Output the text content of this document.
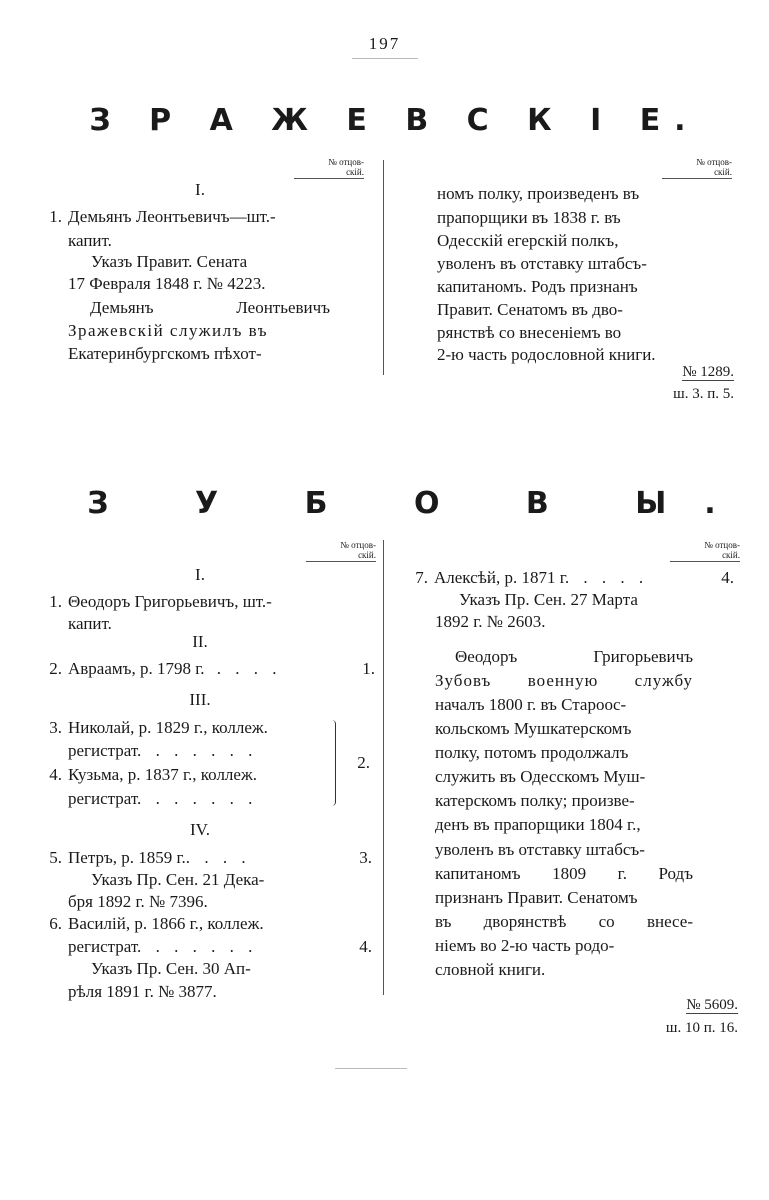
197
З Р А Ж Е В С К І Е.
№ отцов-
скій.
№ отцов-
скій.
I.
1. Демьянъ Леонтьевичъ—шт.-
капит.
Указъ Правит. Сената
17 Февраля 1848 г. № 4223.
Демьянъ Леонтьевичъ
Зражевскій служилъ въ
Екатеринбургскомъ пѣхот-
номъ полку, произведенъ въ
прапорщики въ 1838 г. въ
Одесскій егерскій полкъ,
уволенъ въ отставку штабсъ-
капитаномъ. Родъ признанъ
Правит. Сенатомъ въ дво-
рянствѣ со внесеніемъ во
2-ю часть родословной книги.
№ 1289.
ш. 3. п. 5.
З У Б О В Ы.
№ отцов-
скій.
№ отцов-
скій.
I.
1. Θеодоръ Григорьевичъ, шт.-
капит.
II.
2. Авраамъ, р. 1798 г. . . . .	1.
III.
3. Николай, р. 1829 г., коллеж.
регистрат. . . . . . .
4. Кузьма, р. 1837 г., коллеж.
регистрат. . . . . . .
2.
IV.
5. Петръ, р. 1859 г.. . . .	3.
Указъ Пр. Сен. 21 Дека-
бря 1892 г. № 7396.
6. Василій, р. 1866 г., коллеж.
регистрат. . . . . . .	4.
Указъ Пр. Сен. 30 Ап-
рѣля 1891 г. № 3877.
7. Алексѣй, р. 1871 г. . . . .	4.
Указъ Пр. Сен. 27 Марта
1892 г. № 2603.
Θеодоръ Григорьевичъ
Зубовъ военную службу
началъ 1800 г. въ Старооc-
кольскомъ Мушкатерскомъ
полку, потомъ продолжалъ
служить въ Одесскомъ Муш-
катерскомъ полку; произве-
денъ въ прапорщики 1804 г.,
уволенъ въ отставку штабсъ-
капитаномъ 1809 г. Родъ
признанъ Правит. Сенатомъ
въ дворянствѣ со внесе-
ніемъ во 2-ю часть родо-
словной книги.
№ 5609.
ш. 10 п. 16.
